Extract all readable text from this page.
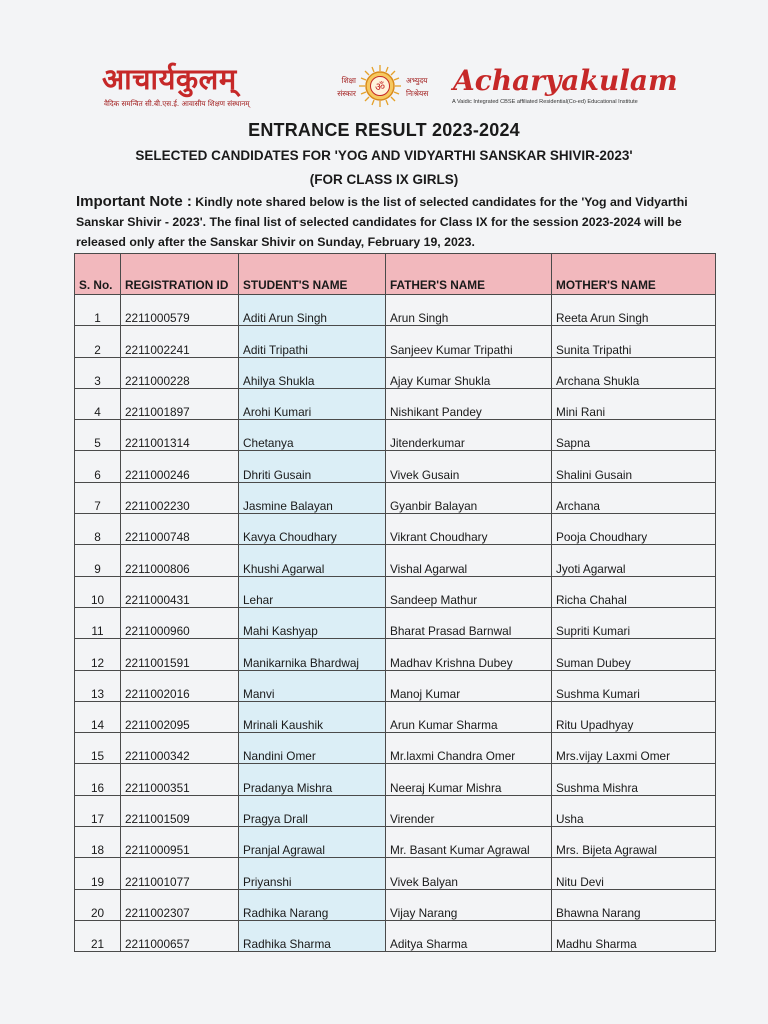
आचार्यकुलम्
वैदिक समन्वित सी.बी.एस.ई. आवासीय शिक्षण संस्थानम्
शिक्षा
संस्कार ॐ	अभ्युदय
निःश्रेयस Acharyakulam
A Vaidic Integrated CBSE affiliated Residential(Co-ed) Educational Institute
ENTRANCE RESULT 2023-2024
SELECTED CANDIDATES FOR 'YOG AND VIDYARTHI SANSKAR SHIVIR-2023'
(FOR CLASS IX GIRLS)
Important Note : Kindly note shared below is the list of selected candidates for the 'Yog and Vidyarthi Sanskar Shivir - 2023'. The final list of selected candidates for Class IX for the session 2023-2024 will be released only after the Sanskar Shivir on Sunday, February 19, 2023.
S. No.	REGISTRATION ID	STUDENT'S NAME	FATHER'S NAME	MOTHER'S NAME
1	2211000579	Aditi Arun Singh	Arun Singh	Reeta Arun Singh
2	2211002241	Aditi Tripathi	Sanjeev Kumar Tripathi	Sunita Tripathi
3	2211000228	Ahilya Shukla	Ajay Kumar Shukla	Archana Shukla
4	2211001897	Arohi Kumari	Nishikant Pandey	Mini Rani
5	2211001314	Chetanya	Jitenderkumar	Sapna
6	2211000246	Dhriti Gusain	Vivek Gusain	Shalini Gusain
7	2211002230	Jasmine Balayan	Gyanbir Balayan	Archana
8	2211000748	Kavya Choudhary	Vikrant Choudhary	Pooja Choudhary
9	2211000806	Khushi Agarwal	Vishal Agarwal	Jyoti Agarwal
10	2211000431	Lehar	Sandeep Mathur	Richa Chahal
11	2211000960	Mahi Kashyap	Bharat Prasad Barnwal	Supriti Kumari
12	2211001591	Manikarnika Bhardwaj	Madhav Krishna Dubey	Suman Dubey
13	2211002016	Manvi	Manoj Kumar	Sushma Kumari
14	2211002095	Mrinali Kaushik	Arun Kumar Sharma	Ritu Upadhyay
15	2211000342	Nandini Omer	Mr.laxmi Chandra Omer	Mrs.vijay Laxmi Omer
16	2211000351	Pradanya Mishra	Neeraj Kumar Mishra	Sushma Mishra
17	2211001509	Pragya Drall	Virender	Usha
18	2211000951	Pranjal Agrawal	Mr. Basant Kumar Agrawal	Mrs. Bijeta Agrawal
19	2211001077	Priyanshi	Vivek Balyan	Nitu Devi
20	2211002307	Radhika Narang	Vijay Narang	Bhawna Narang
21	2211000657	Radhika Sharma	Aditya Sharma	Madhu Sharma
